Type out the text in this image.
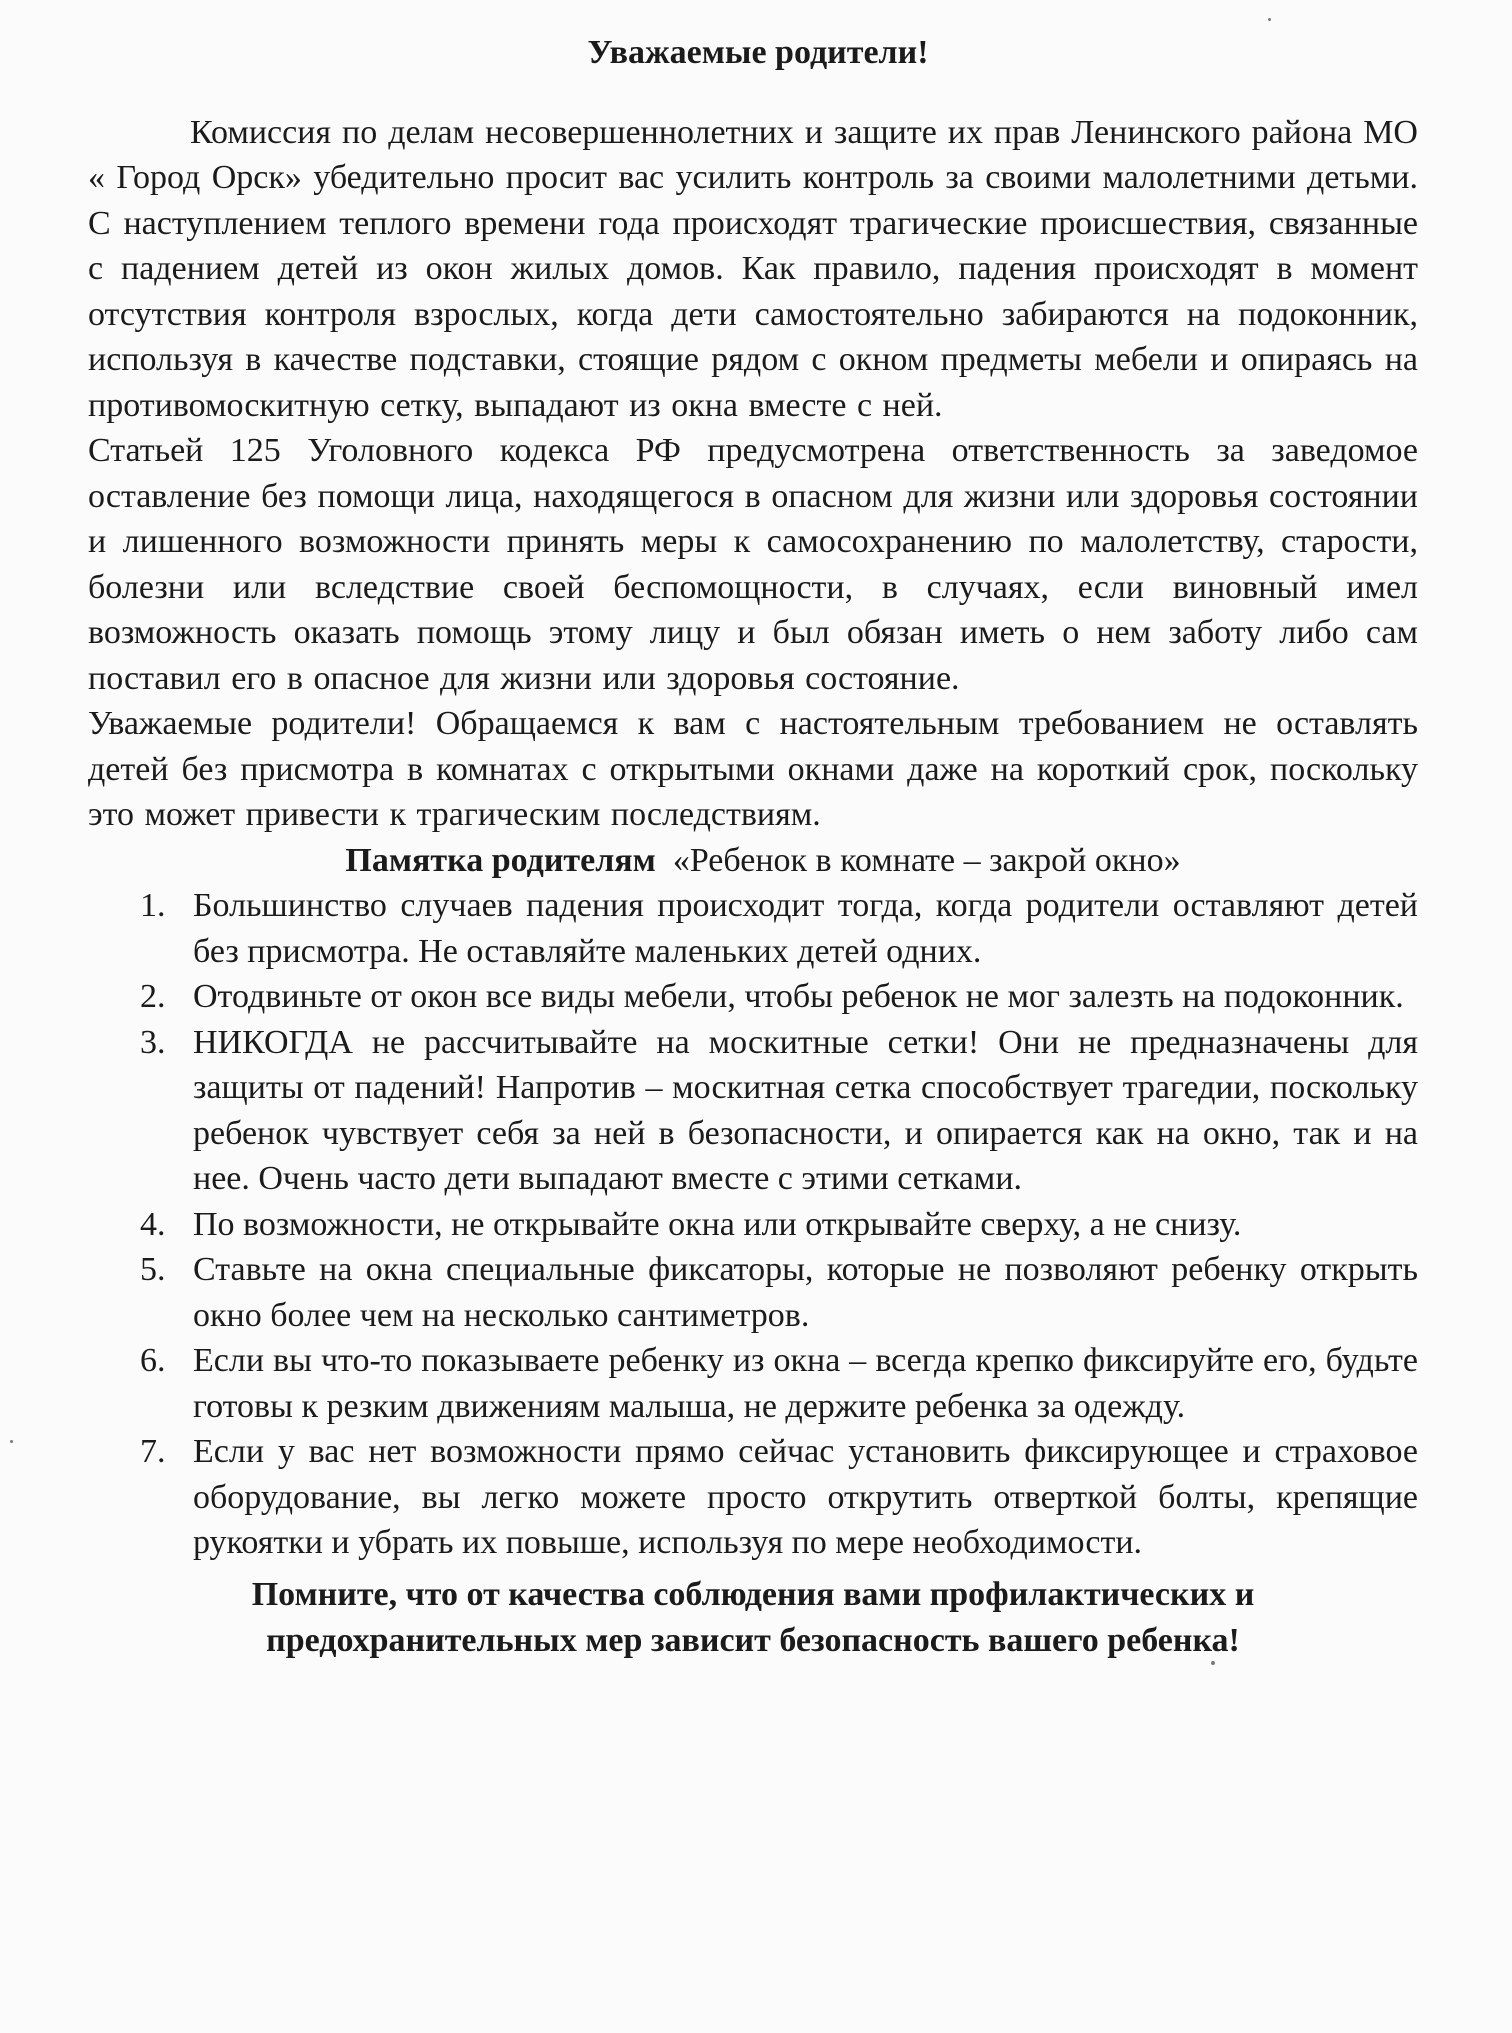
Уважаемые родители!

Комиссия по делам несовершеннолетних и защите их прав Ленинского района МО « Город Орск» убедительно просит вас усилить контроль за своими малолетними детьми. С наступлением теплого времени года происходят трагические происшествия, связанные с падением детей из окон жилых домов. Как правило, падения происходят в момент отсутствия контроля взрослых, когда дети самостоятельно забираются на подоконник, используя в качестве подставки, стоящие рядом с окном предметы мебели и опираясь на противомоскитную сетку, выпадают из окна вместе с ней.

Статьей 125 Уголовного кодекса РФ предусмотрена ответственность за заведомое оставление без помощи лица, находящегося в опасном для жизни или здоровья состоянии и лишенного возможности принять меры к самосохранению по малолетству, старости, болезни или вследствие своей беспомощности, в случаях, если виновный имел возможность оказать помощь этому лицу и был обязан иметь о нем заботу либо сам поставил его в опасное для жизни или здоровья состояние.

Уважаемые родители! Обращаемся к вам с настоятельным требованием не оставлять детей без присмотра в комнатах с открытыми окнами даже на короткий срок, поскольку это может привести к трагическим последствиям.

Памятка родителям «Ребенок в комнате – закрой окно»
1. Большинство случаев падения происходит тогда, когда родители оставляют детей без присмотра. Не оставляйте маленьких детей одних.
2. Отодвиньте от окон все виды мебели, чтобы ребенок не мог залезть на подоконник.
3. НИКОГДА не рассчитывайте на москитные сетки! Они не предназначены для защиты от падений! Напротив – москитная сетка способствует трагедии, поскольку ребенок чувствует себя за ней в безопасности, и опирается как на окно, так и на нее. Очень часто дети выпадают вместе с этими сетками.
4. По возможности, не открывайте окна или открывайте сверху, а не снизу.
5. Ставьте на окна специальные фиксаторы, которые не позволяют ребенку открыть окно более чем на несколько сантиметров.
6. Если вы что-то показываете ребенку из окна – всегда крепко фиксируйте его, будьте готовы к резким движениям малыша, не держите ребенка за одежду.
7. Если у вас нет возможности прямо сейчас установить фиксирующее и страховое оборудование, вы легко можете просто открутить отверткой болты, крепящие рукоятки и убрать их повыше, используя по мере необходимости.
Помните, что от качества соблюдения вами профилактических и
предохранительных мер зависит безопасность вашего ребенка!
